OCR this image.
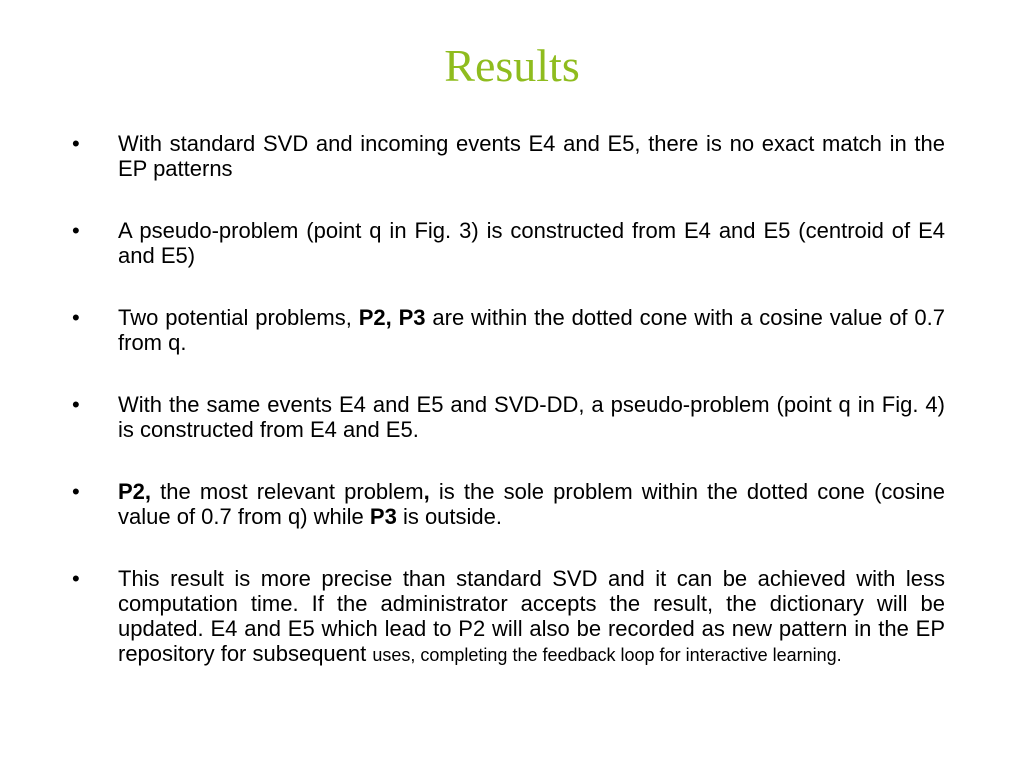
Results
•	With standard SVD and incoming events E4 and E5, there is no exact match in the EP patterns
•	A pseudo-problem (point q in Fig. 3) is constructed from E4 and E5 (centroid of E4 and E5)
•	Two potential problems, P2, P3 are within the dotted cone with a cosine value of 0.7 from q.
•	With the same events E4 and E5 and SVD-DD, a pseudo-problem (point q in Fig. 4) is constructed from E4 and E5.
•	P2, the most relevant problem, is the sole problem within the dotted cone (cosine value of 0.7 from q) while P3 is outside.
•	This result is more precise than standard SVD and it can be achieved with less computation time. If the administrator accepts the result, the dictionary will be updated. E4 and E5 which lead to P2 will also be recorded as new pattern in the EP repository for subsequent uses, completing the feedback loop for interactive learning.
